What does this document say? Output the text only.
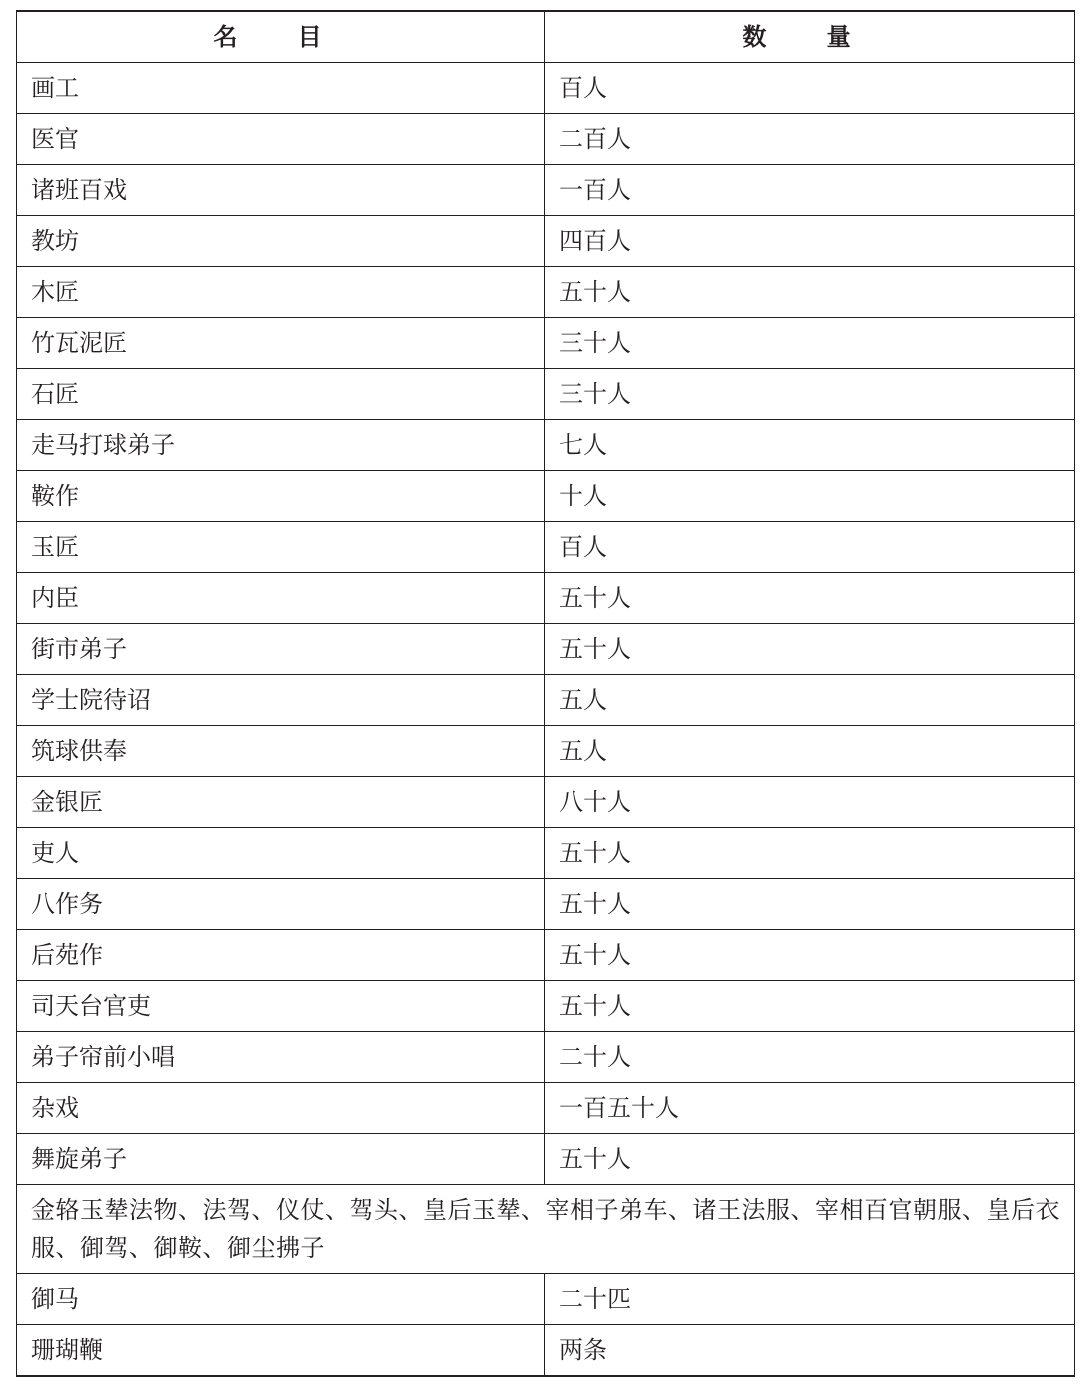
名 目	数 量
画工	百人
医官	二百人
诸班百戏	一百人
教坊	四百人
木匠	五十人
竹瓦泥匠	三十人
石匠	三十人
走马打球弟子	七人
鞍作	十人
玉匠	百人
内臣	五十人
街市弟子	五十人
学士院待诏	五人
筑球供奉	五人
金银匠	八十人
吏人	五十人
八作务	五十人
后苑作	五十人
司天台官吏	五十人
弟子帘前小唱	二十人
杂戏	一百五十人
舞旋弟子	五十人
金辂玉辇法物、法驾、仪仗、驾头、皇后玉辇、宰相子弟车、诸王法服、宰相百官朝服、皇后衣服、御驾、御鞍、御尘拂子	
御马	二十匹
珊瑚鞭	两条
